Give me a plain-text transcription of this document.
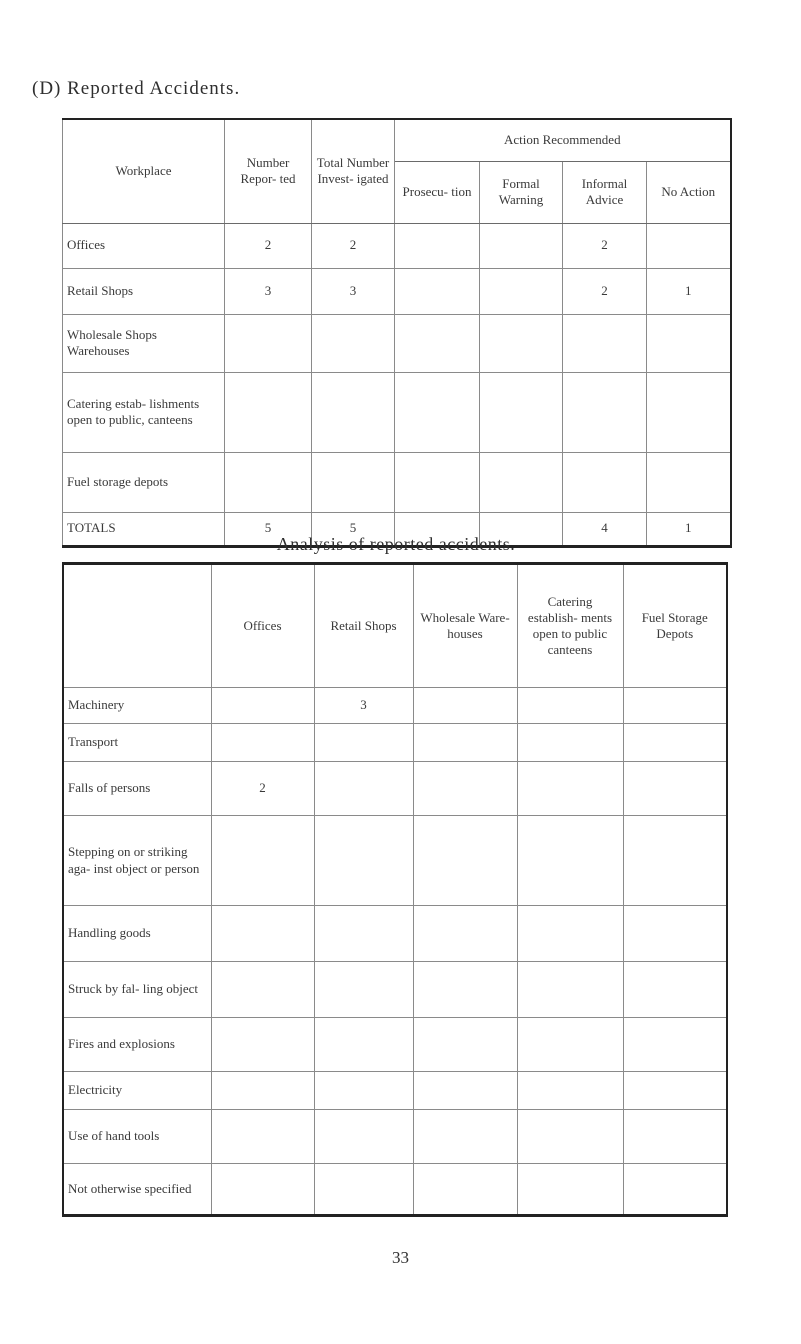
(D) Reported Accidents.
Workplace	Number Repor- ted	Total Number Invest- igated	Action Recommended			
			Prosecu- tion	Formal Warning	Informal Advice	No Action
Offices	2	2			2	
Retail Shops	3	3			2	1
Wholesale Shops Warehouses						
Catering estab- lishments open to public, canteens						
Fuel storage depots						
TOTALS	5	5			4	1
Analysis of reported accidents.
	Offices	Retail Shops	Wholesale Ware- houses	Catering establish- ments open to public canteens	Fuel Storage Depots
Machinery		3			
Transport					
Falls of persons	2				
Stepping on or striking aga- inst object or person					
Handling goods					
Struck by fal- ling object					
Fires and explosions					
Electricity					
Use of hand tools					
Not otherwise specified					
33
